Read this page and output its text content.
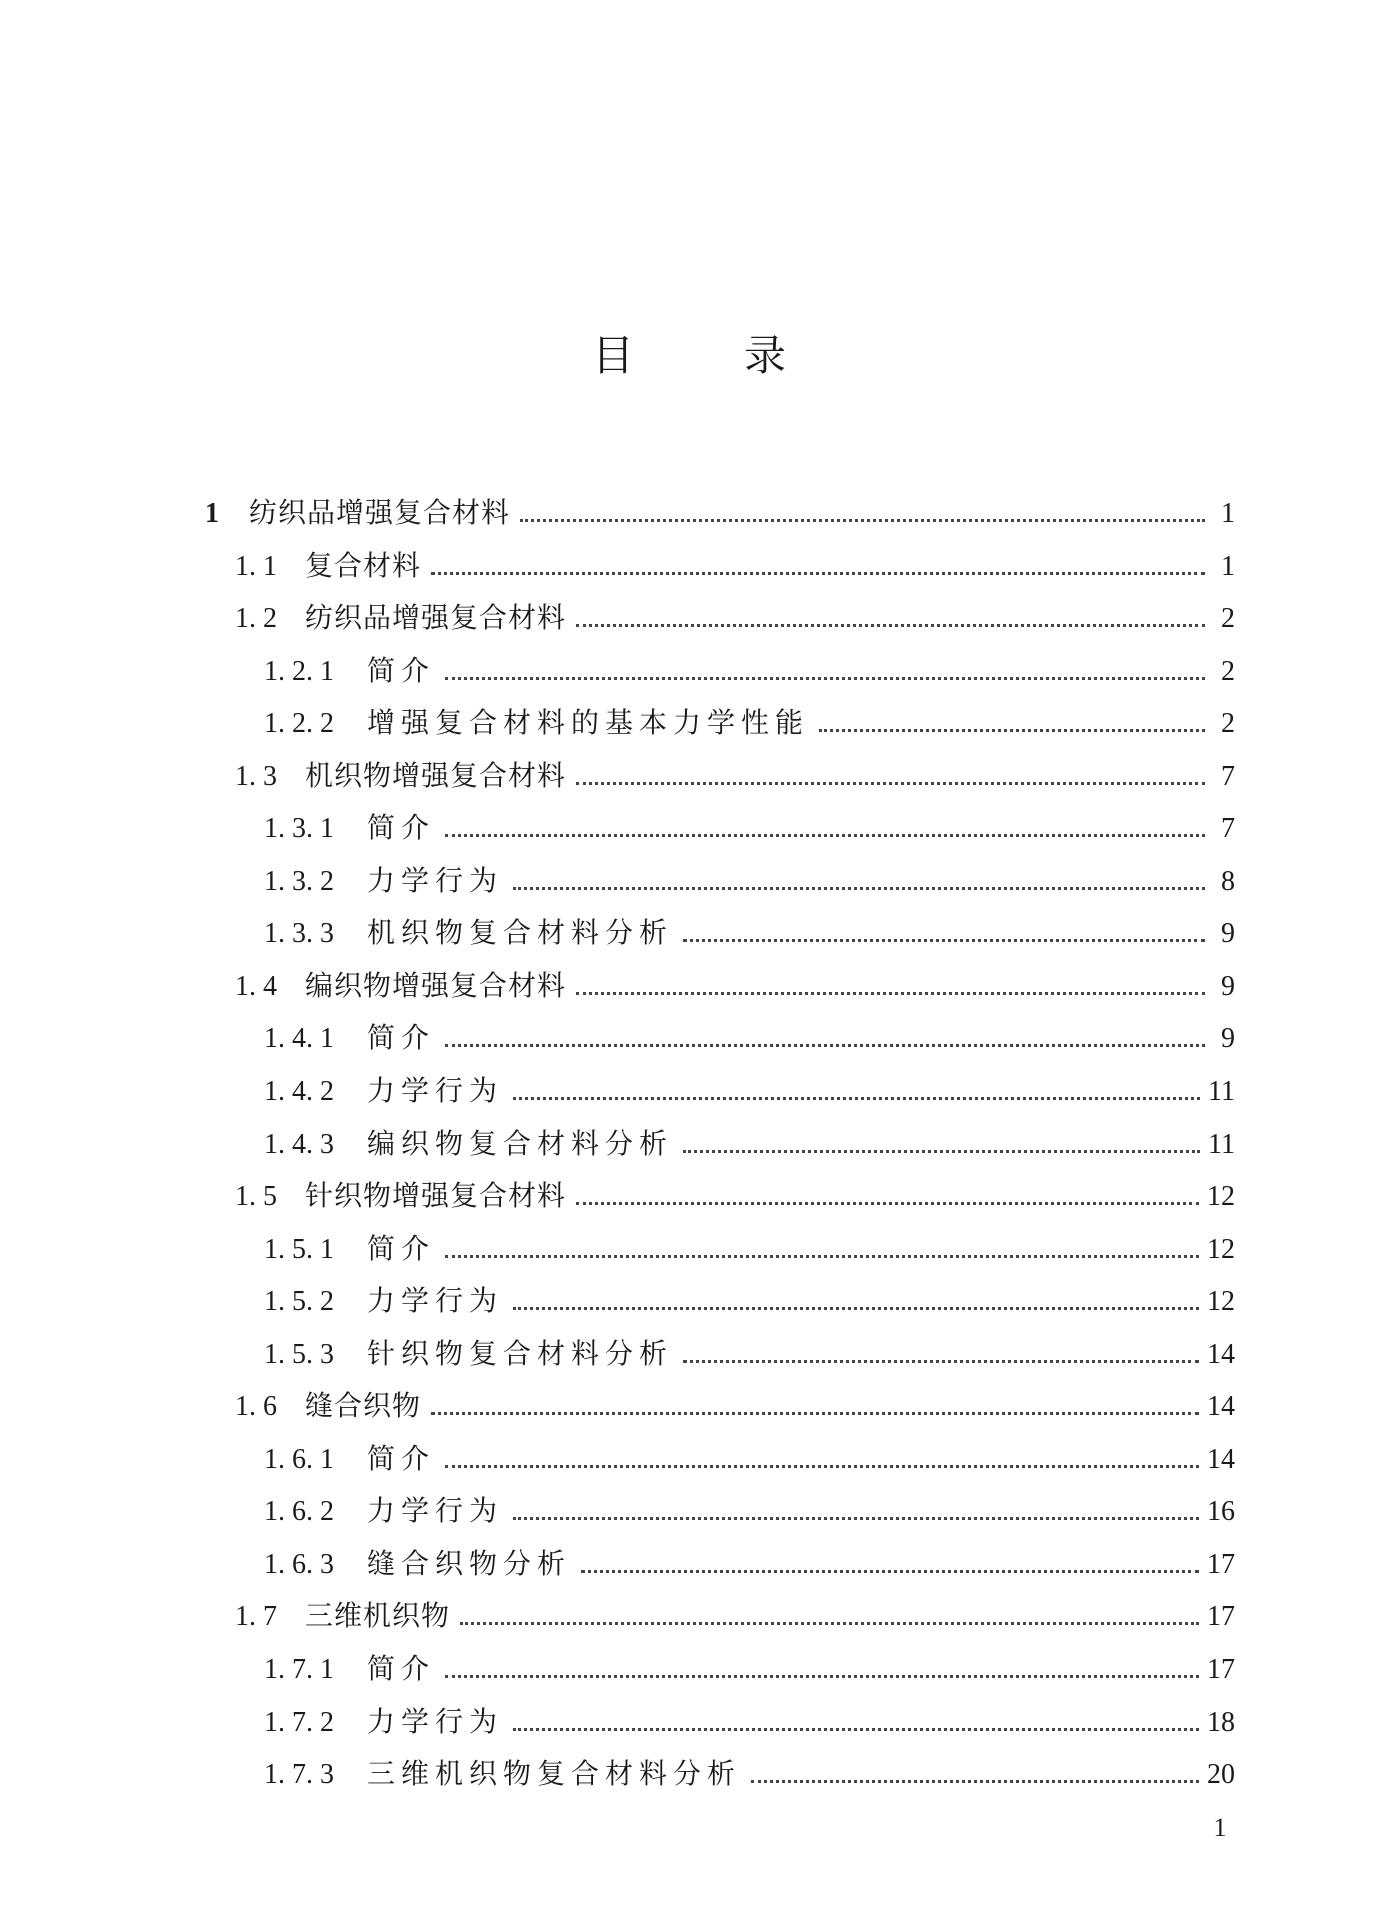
目录
1	纺织品增强复合材料	1
1. 1	复合材料	1
1. 2	纺织品增强复合材料	2
1. 2. 1	简介	2
1. 2. 2	增强复合材料的基本力学性能	2
1. 3	机织物增强复合材料	7
1. 3. 1	简介	7
1. 3. 2	力学行为	8
1. 3. 3	机织物复合材料分析	9
1. 4	编织物增强复合材料	9
1. 4. 1	简介	9
1. 4. 2	力学行为	11
1. 4. 3	编织物复合材料分析	11
1. 5	针织物增强复合材料	12
1. 5. 1	简介	12
1. 5. 2	力学行为	12
1. 5. 3	针织物复合材料分析	14
1. 6	缝合织物	14
1. 6. 1	简介	14
1. 6. 2	力学行为	16
1. 6. 3	缝合织物分析	17
1. 7	三维机织物	17
1. 7. 1	简介	17
1. 7. 2	力学行为	18
1. 7. 3	三维机织物复合材料分析	20
1
